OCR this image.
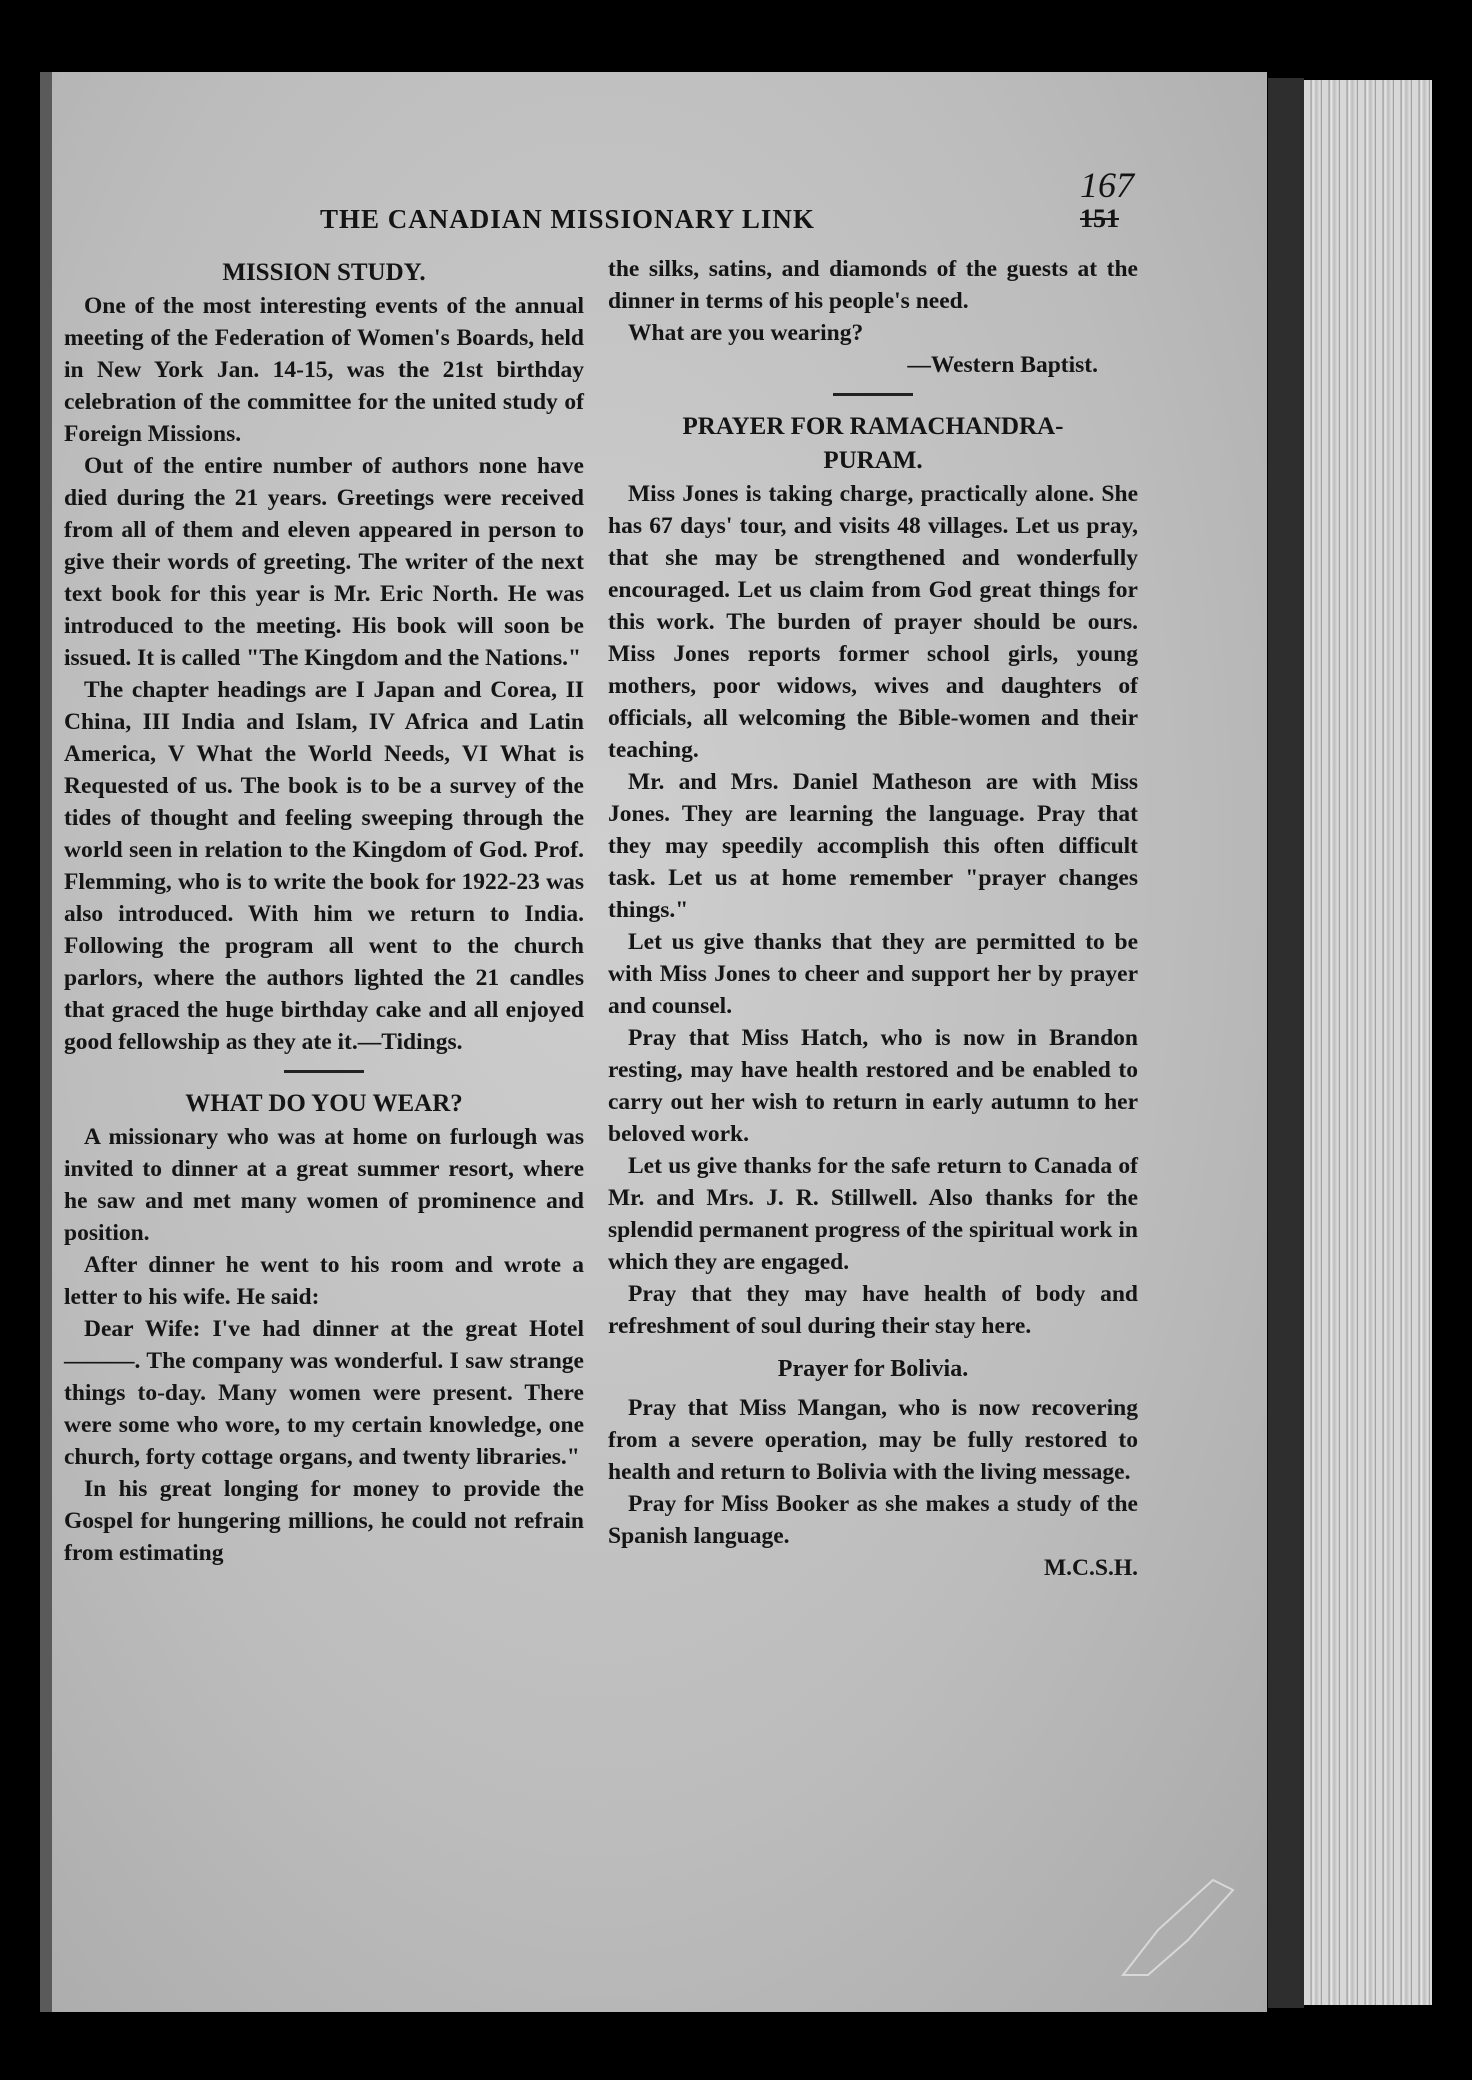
167
THE CANADIAN MISSIONARY LINK	151
MISSION STUDY.

One of the most interesting events of the annual meeting of the Federation of Women's Boards, held in New York Jan. 14-15, was the 21st birthday celebration of the committee for the united study of Foreign Missions.

Out of the entire number of authors none have died during the 21 years. Greetings were received from all of them and eleven appeared in person to give their words of greeting. The writer of the next text book for this year is Mr. Eric North. He was introduced to the meeting. His book will soon be issued. It is called "The Kingdom and the Nations."

The chapter headings are I Japan and Corea, II China, III India and Islam, IV Africa and Latin America, V What the World Needs, VI What is Requested of us. The book is to be a survey of the tides of thought and feeling sweeping through the world seen in relation to the Kingdom of God. Prof. Flemming, who is to write the book for 1922-23 was also introduced. With him we return to India. Following the program all went to the church parlors, where the authors lighted the 21 candles that graced the huge birthday cake and all enjoyed good fellowship as they ate it.—Tidings.

WHAT DO YOU WEAR?

A missionary who was at home on furlough was invited to dinner at a great summer resort, where he saw and met many women of prominence and position.

After dinner he went to his room and wrote a letter to his wife. He said:

Dear Wife: I've had dinner at the great Hotel ———. The company was wonderful. I saw strange things to-day. Many women were present. There were some who wore, to my certain knowledge, one church, forty cottage organs, and twenty libraries."

In his great longing for money to provide the Gospel for hungering millions, he could not refrain from estimating

the silks, satins, and diamonds of the guests at the dinner in terms of his people's need.

What are you wearing?

—Western Baptist.
PRAYER FOR RAMACHANDRA-
PURAM.

Miss Jones is taking charge, practically alone. She has 67 days' tour, and visits 48 villages. Let us pray, that she may be strengthened and wonderfully encouraged. Let us claim from God great things for this work. The burden of prayer should be ours. Miss Jones reports former school girls, young mothers, poor widows, wives and daughters of officials, all welcoming the Bible-women and their teaching.

Mr. and Mrs. Daniel Matheson are with Miss Jones. They are learning the language. Pray that they may speedily accomplish this often difficult task. Let us at home remember "prayer changes things."

Let us give thanks that they are permitted to be with Miss Jones to cheer and support her by prayer and counsel.

Pray that Miss Hatch, who is now in Brandon resting, may have health restored and be enabled to carry out her wish to return in early autumn to her beloved work.

Let us give thanks for the safe return to Canada of Mr. and Mrs. J. R. Stillwell. Also thanks for the splendid permanent progress of the spiritual work in which they are engaged.

Pray that they may have health of body and refreshment of soul during their stay here.

Prayer for Bolivia.

Pray that Miss Mangan, who is now recovering from a severe operation, may be fully restored to health and return to Bolivia with the living message.

Pray for Miss Booker as she makes a study of the Spanish language.

M.C.S.H.
